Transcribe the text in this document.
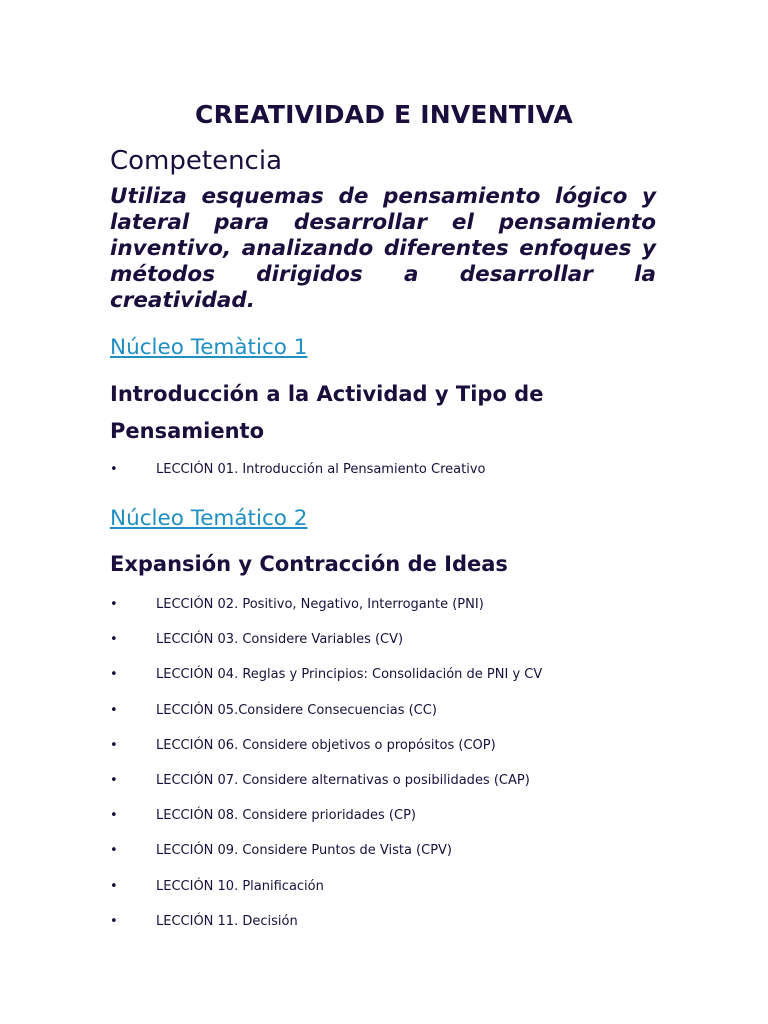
CREATIVIDAD E INVENTIVA
Competencia
Utiliza esquemas de pensamiento lógico y lateral para desarrollar el pensamiento inventivo, analizando diferentes enfoques y métodos dirigidos a desarrollar la creatividad.
Núcleo Temàtico 1
Introducción a la Actividad y Tipo de Pensamiento
•	LECCIÓN 01. Introducción al Pensamiento Creativo
Núcleo Temático 2
Expansión y Contracción de Ideas
•	LECCIÓN 02. Positivo, Negativo, Interrogante (PNI)
•	LECCIÓN 03. Considere Variables (CV)
•	LECCIÓN 04. Reglas y Principios: Consolidación de PNI y CV
•	LECCIÓN 05.Considere Consecuencias (CC)
•	LECCIÓN 06. Considere objetivos o propósitos (COP)
•	LECCIÓN 07. Considere alternativas o posibilidades (CAP)
•	LECCIÓN 08. Considere prioridades (CP)
•	LECCIÓN 09. Considere Puntos de Vista (CPV)
•	LECCIÓN 10. Planificación
•	LECCIÓN 11. Decisión
